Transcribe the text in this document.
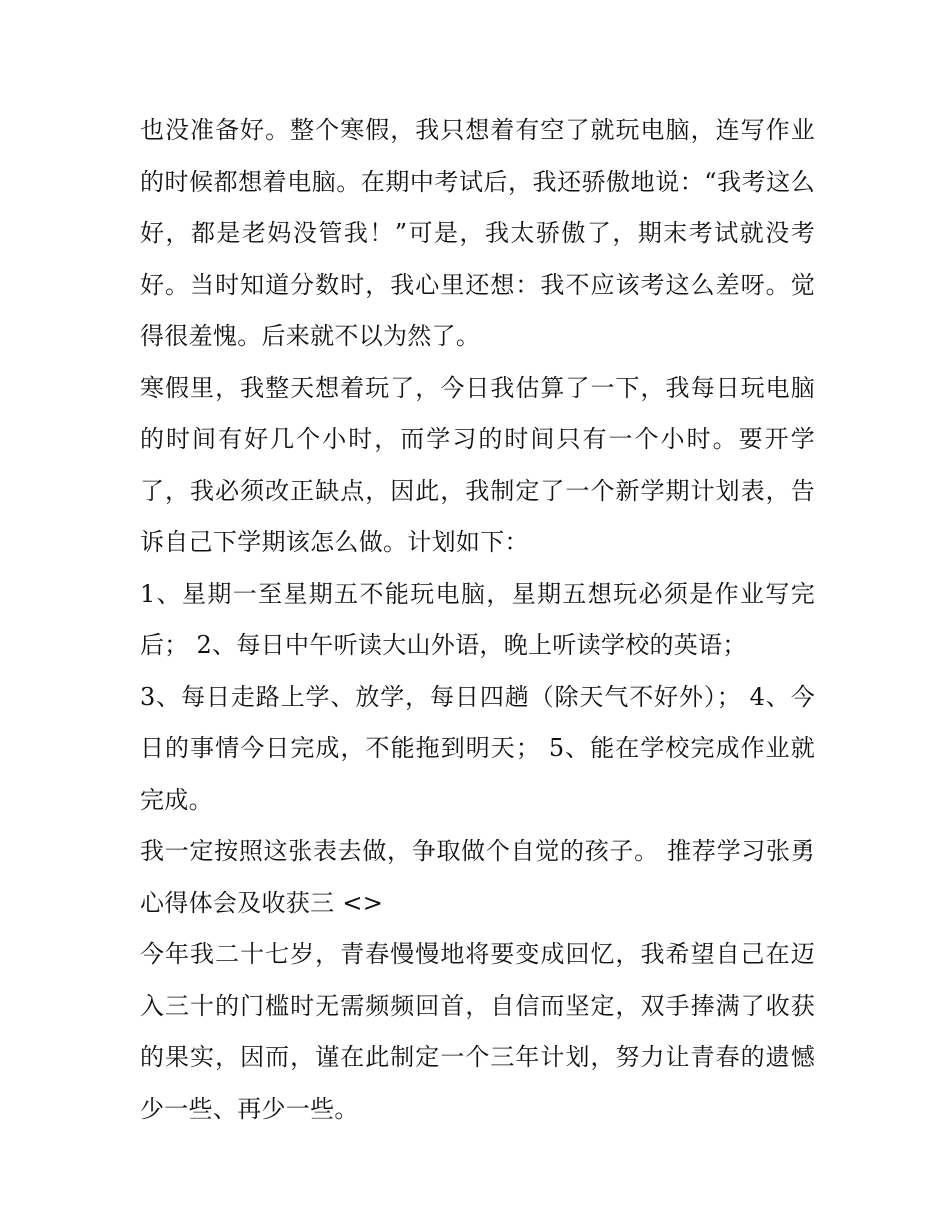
也没准备好。整个寒假，我只想着有空了就玩电脑，连写作业的时候都想着电脑。在期中考试后，我还骄傲地说：“我考这么好，都是老妈没管我！”可是，我太骄傲了，期末考试就没考好。当时知道分数时，我心里还想：我不应该考这么差呀。觉得很羞愧。后来就不以为然了。

寒假里，我整天想着玩了，今日我估算了一下，我每日玩电脑的时间有好几个小时，而学习的时间只有一个小时。要开学了，我必须改正缺点，因此，我制定了一个新学期计划表，告诉自己下学期该怎么做。计划如下：

1、星期一至星期五不能玩电脑，星期五想玩必须是作业写完后； 2、每日中午听读大山外语，晚上听读学校的英语；

3、每日走路上学、放学，每日四趟（除天气不好外）； 4、今日的事情今日完成，不能拖到明天； 5、能在学校完成作业就完成。

我一定按照这张表去做，争取做个自觉的孩子。 推荐学习张勇心得体会及收获三 <>

今年我二十七岁，青春慢慢地将要变成回忆，我希望自己在迈入三十的门槛时无需频频回首，自信而坚定，双手捧满了收获的果实，因而，谨在此制定一个三年计划，努力让青春的遗憾少一些、再少一些。
